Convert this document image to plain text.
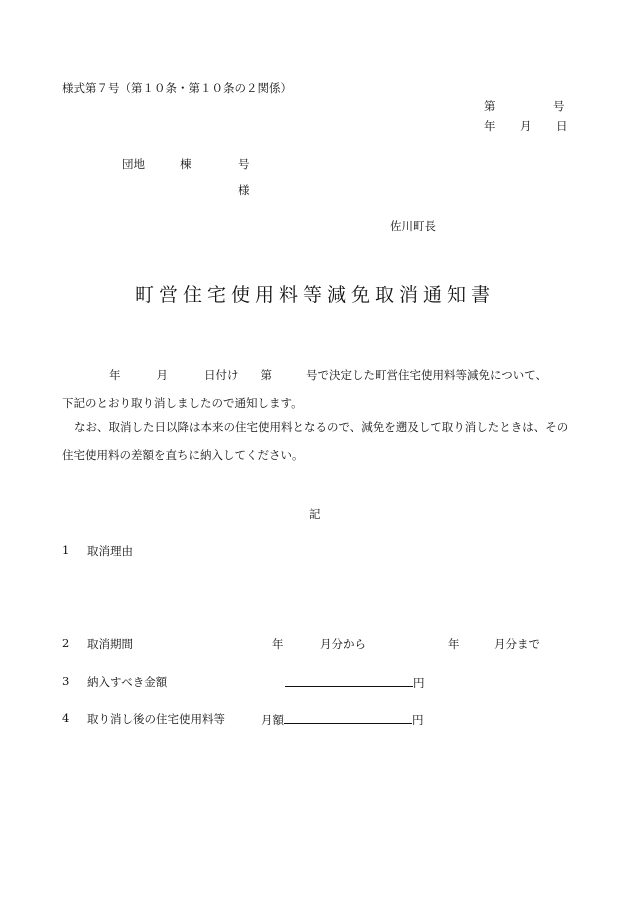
様式第７号（第１０条・第１０条の２関係）
第	号
年 月 日
団地	棟	号
様
佐川町長
町営住宅使用料等減免取消通知書
年	月	日付け 第	号で決定した町営住宅使用料等減免について、
下記のとおり取り消しましたので通知します。
なお、取消した日以降は本来の住宅使用料となるので、減免を遡及して取り消したときは、その住宅使用料の差額を直ちに納入してください。
記
1 取消理由
2 取消期間	年	月分から	年	月分まで
3 納入すべき金額	円
4 取り消し後の住宅使用料等	月額	円
